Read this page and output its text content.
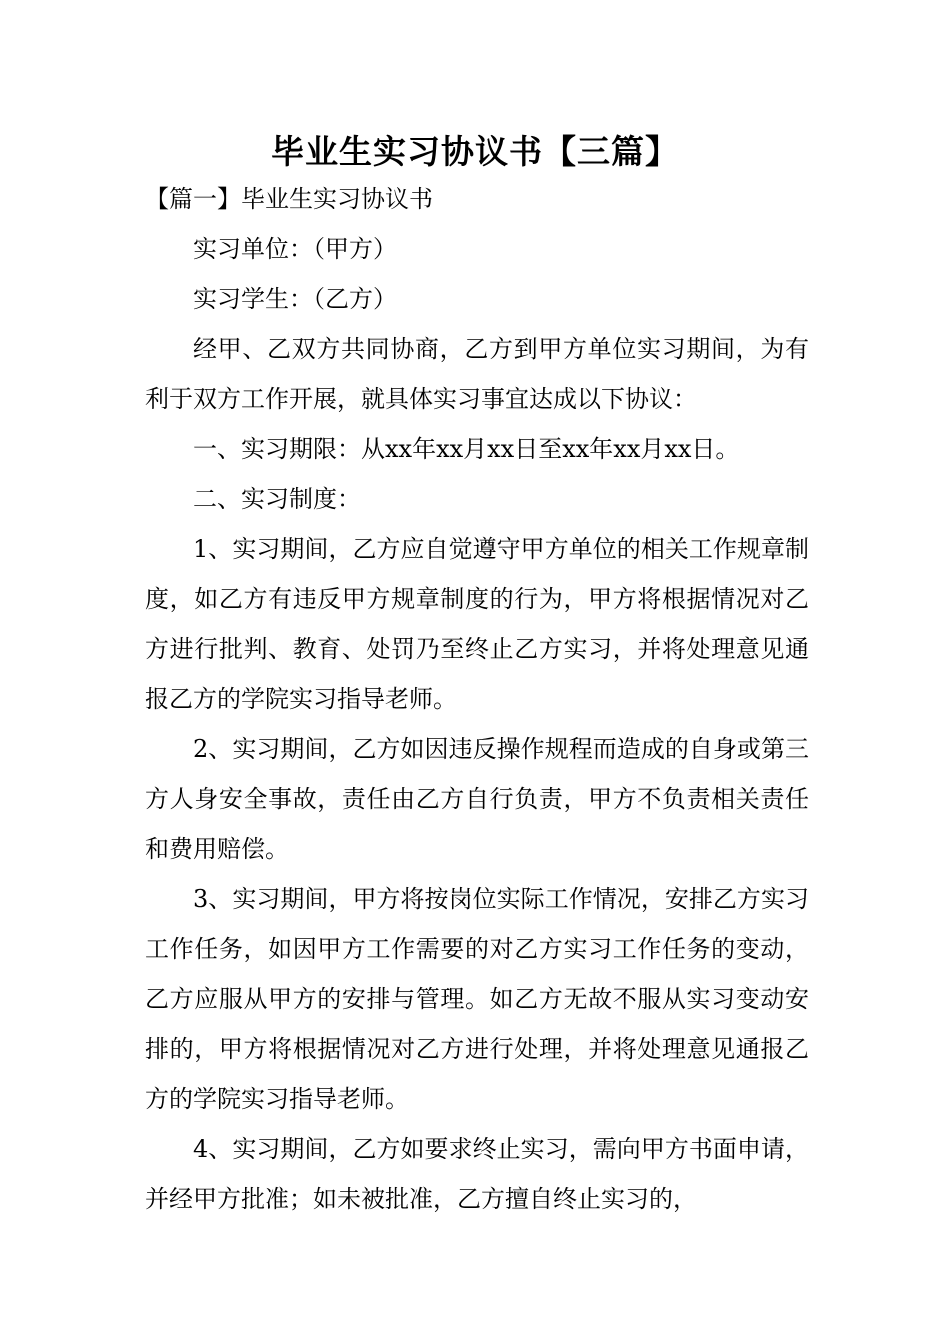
毕业生实习协议书【三篇】

【篇一】毕业生实习协议书

实习单位：（甲方）

实习学生：（乙方）

经甲、乙双方共同协商，乙方到甲方单位实习期间，为有利于双方工作开展，就具体实习事宜达成以下协议：

一、实习期限：从xx年xx月xx日至xx年xx月xx日。

二、实习制度：

1、实习期间，乙方应自觉遵守甲方单位的相关工作规章制度，如乙方有违反甲方规章制度的行为，甲方将根据情况对乙方进行批判、教育、处罚乃至终止乙方实习，并将处理意见通报乙方的学院实习指导老师。

2、实习期间，乙方如因违反操作规程而造成的自身或第三方人身安全事故，责任由乙方自行负责，甲方不负责相关责任和费用赔偿。

3、实习期间，甲方将按岗位实际工作情况，安排乙方实习工作任务，如因甲方工作需要的对乙方实习工作任务的变动，乙方应服从甲方的安排与管理。如乙方无故不服从实习变动安排的，甲方将根据情况对乙方进行处理，并将处理意见通报乙方的学院实习指导老师。

4、实习期间，乙方如要求终止实习，需向甲方书面申请，并经甲方批准；如未被批准，乙方擅自终止实习的，
